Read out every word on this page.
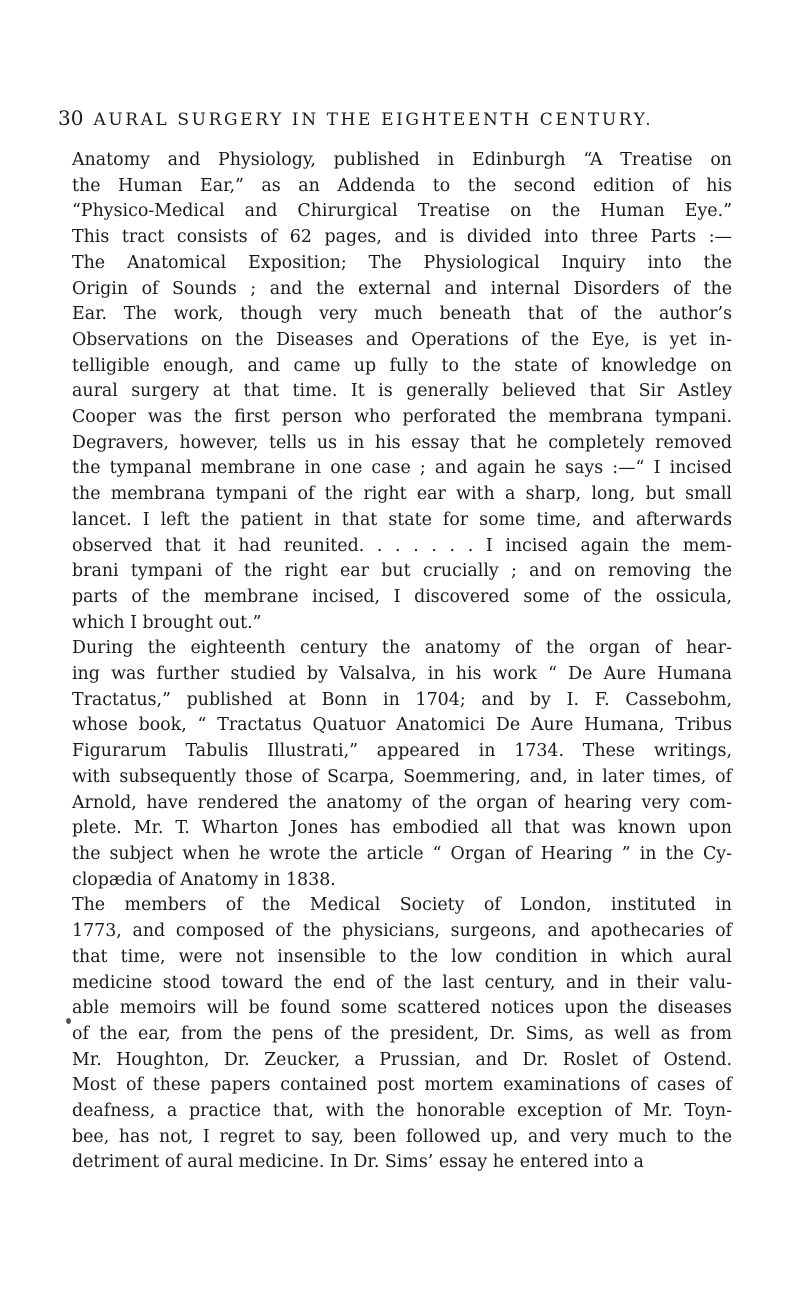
30 AURAL SURGERY IN THE EIGHTEENTH CENTURY.
Anatomy and Physiology, published in Edinburgh “A Treatise on
the Human Ear,” as an Addenda to the second edition of his
“Physico-Medical and Chirurgical Treatise on the Human Eye.”
This tract consists of 62 pages, and is divided into three Parts :—
The Anatomical Exposition; The Physiological Inquiry into the
Origin of Sounds ; and the external and internal Disorders of the
Ear. The work, though very much beneath that of the author’s
Observations on the Diseases and Operations of the Eye, is yet in-
telligible enough, and came up fully to the state of knowledge on
aural surgery at that time. It is generally believed that Sir Astley
Cooper was the first person who perforated the membrana tympani.
Degravers, however, tells us in his essay that he completely removed
the tympanal membrane in one case ; and again he says :—“ I incised
the membrana tympani of the right ear with a sharp, long, but small
lancet. I left the patient in that state for some time, and afterwards
observed that it had reunited. . . . . . . I incised again the mem-
brani tympani of the right ear but crucially ; and on removing the
parts of the membrane incised, I discovered some of the ossicula,
which I brought out.”
During the eighteenth century the anatomy of the organ of hear-
ing was further studied by Valsalva, in his work “ De Aure Humana
Tractatus,” published at Bonn in 1704; and by I. F. Cassebohm,
whose book, “ Tractatus Quatuor Anatomici De Aure Humana, Tribus
Figurarum Tabulis Illustrati,” appeared in 1734. These writings,
with subsequently those of Scarpa, Soemmering, and, in later times, of
Arnold, have rendered the anatomy of the organ of hearing very com-
plete. Mr. T. Wharton Jones has embodied all that was known upon
the subject when he wrote the article “ Organ of Hearing ” in the Cy-
clopædia of Anatomy in 1838.
The members of the Medical Society of London, instituted in
1773, and composed of the physicians, surgeons, and apothecaries of
that time, were not insensible to the low condition in which aural
medicine stood toward the end of the last century, and in their valu-
able memoirs will be found some scattered notices upon the diseases
of the ear, from the pens of the president, Dr. Sims, as well as from
Mr. Houghton, Dr. Zeucker, a Prussian, and Dr. Roslet of Ostend.
Most of these papers contained post mortem examinations of cases of
deafness, a practice that, with the honorable exception of Mr. Toyn-
bee, has not, I regret to say, been followed up, and very much to the
detriment of aural medicine. In Dr. Sims’ essay he entered into a
